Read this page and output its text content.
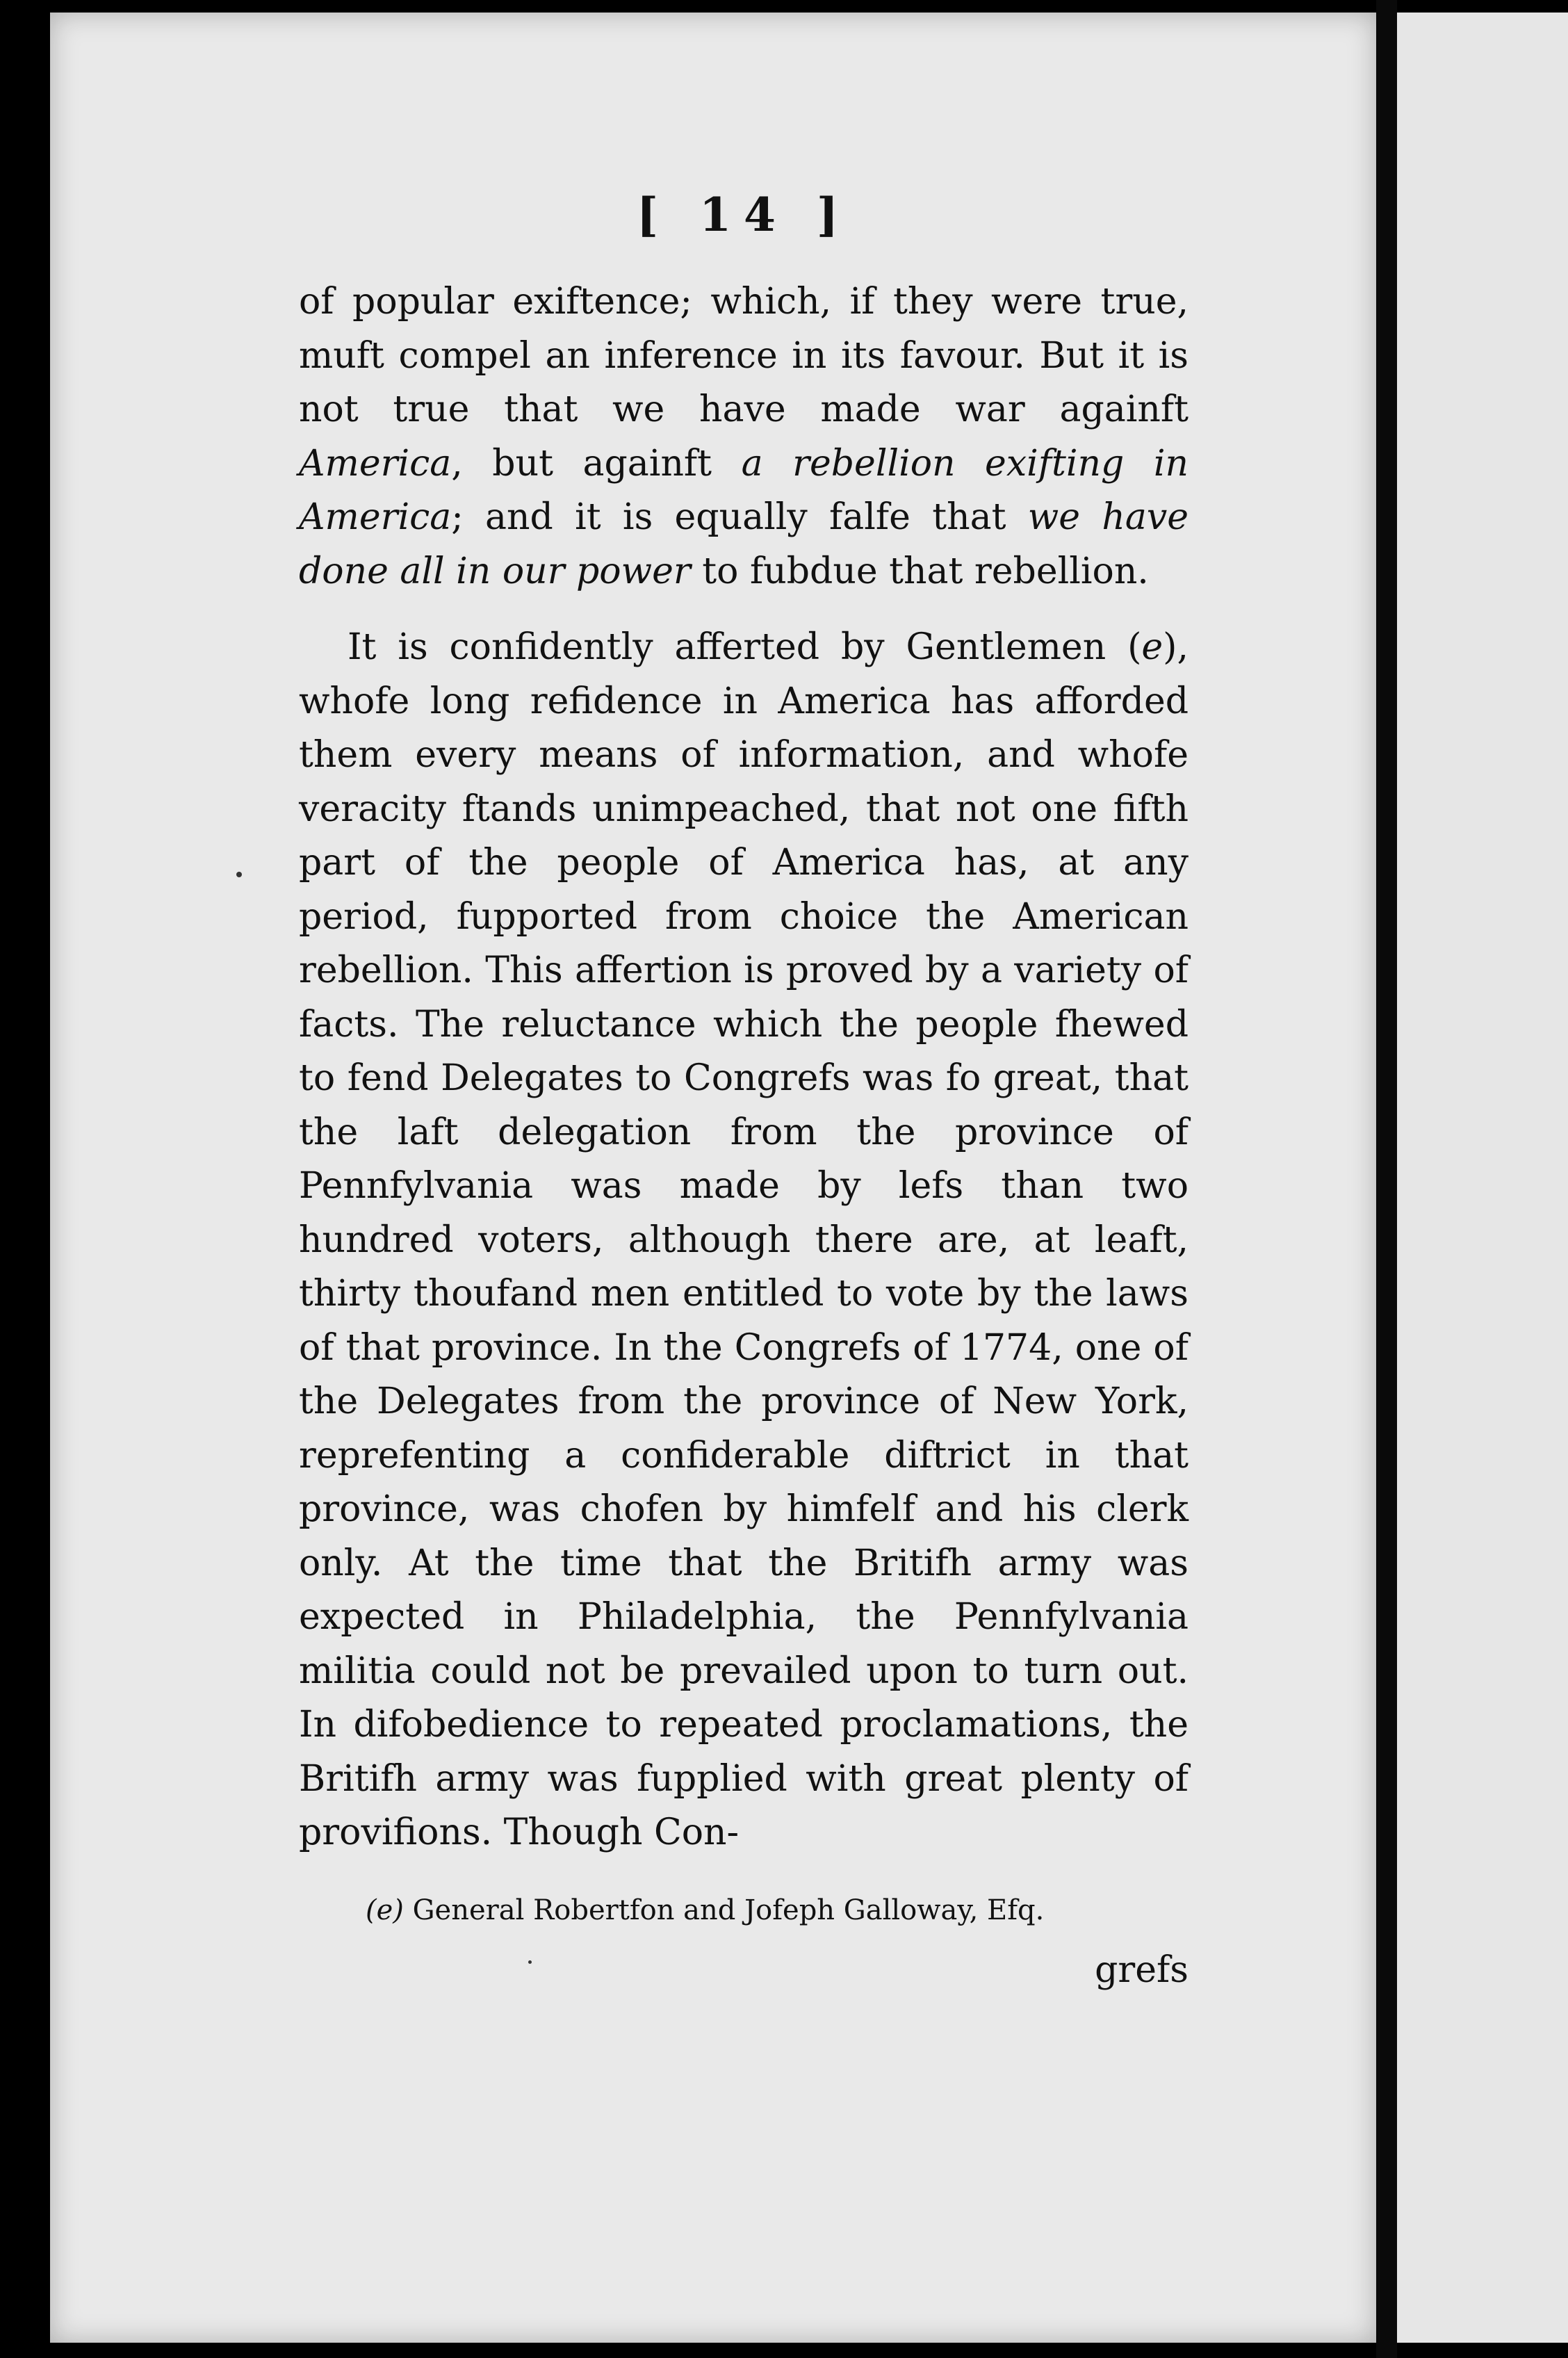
[ 14 ]

of popular exiftence; which, if they were true, muft compel an inference in its favour. But it is not true that we have made war againft America, but againft a rebellion exifting in America; and it is equally falfe that we have done all in our power to fubdue that rebellion.

It is confidently afferted by Gentlemen (e), whofe long refidence in America has afforded them every means of information, and whofe veracity ftands unimpeached, that not one fifth part of the people of America has, at any period, fupported from choice the American rebellion. This affertion is proved by a variety of facts. The reluctance which the people fhewed to fend Delegates to Congrefs was fo great, that the laft delegation from the province of Pennfylvania was made by lefs than two hundred voters, although there are, at leaft, thirty thoufand men entitled to vote by the laws of that province. In the Congrefs of 1774, one of the Delegates from the province of New York, reprefenting a confiderable diftrict in that province, was chofen by himfelf and his clerk only. At the time that the Britifh army was expected in Philadelphia, the Pennfylvania militia could not be prevailed upon to turn out. In difobedience to repeated proclamations, the Britifh army was fupplied with great plenty of provifions. Though Con-

(e) General Robertfon and Jofeph Galloway, Efq.
grefs
